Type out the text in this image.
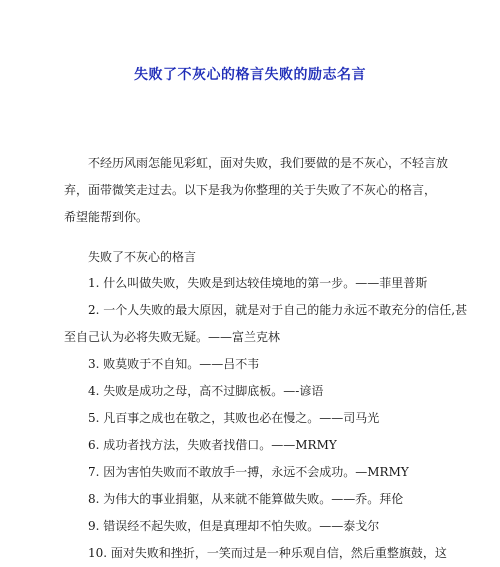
失败了不灰心的格言失败的励志名言
不经历风雨怎能见彩虹，面对失败，我们要做的是不灰心，不轻言放
弃，面带微笑走过去。以下是我为你整理的关于失败了不灰心的格言，
希望能帮到你。
失败了不灰心的格言
1. 什么叫做失败，失败是到达较佳境地的第一步。——菲里普斯
2. 一个人失败的最大原因，就是对于自己的能力永远不敢充分的信任,甚
至自己认为必将失败无疑。——富兰克林
3. 败莫败于不自知。——吕不韦
4. 失败是成功之母，高不过脚底板。—-谚语
5. 凡百事之成也在敬之，其败也必在慢之。——司马光
6. 成功者找方法，失败者找借口。——MRMY
7. 因为害怕失败而不敢放手一搏，永远不会成功。—MRMY
8. 为伟大的事业捐躯，从来就不能算做失败。——乔。拜伦
9. 错误经不起失败，但是真理却不怕失败。——泰戈尔
10. 面对失败和挫折，一笑而过是一种乐观自信，然后重整旗鼓，这
